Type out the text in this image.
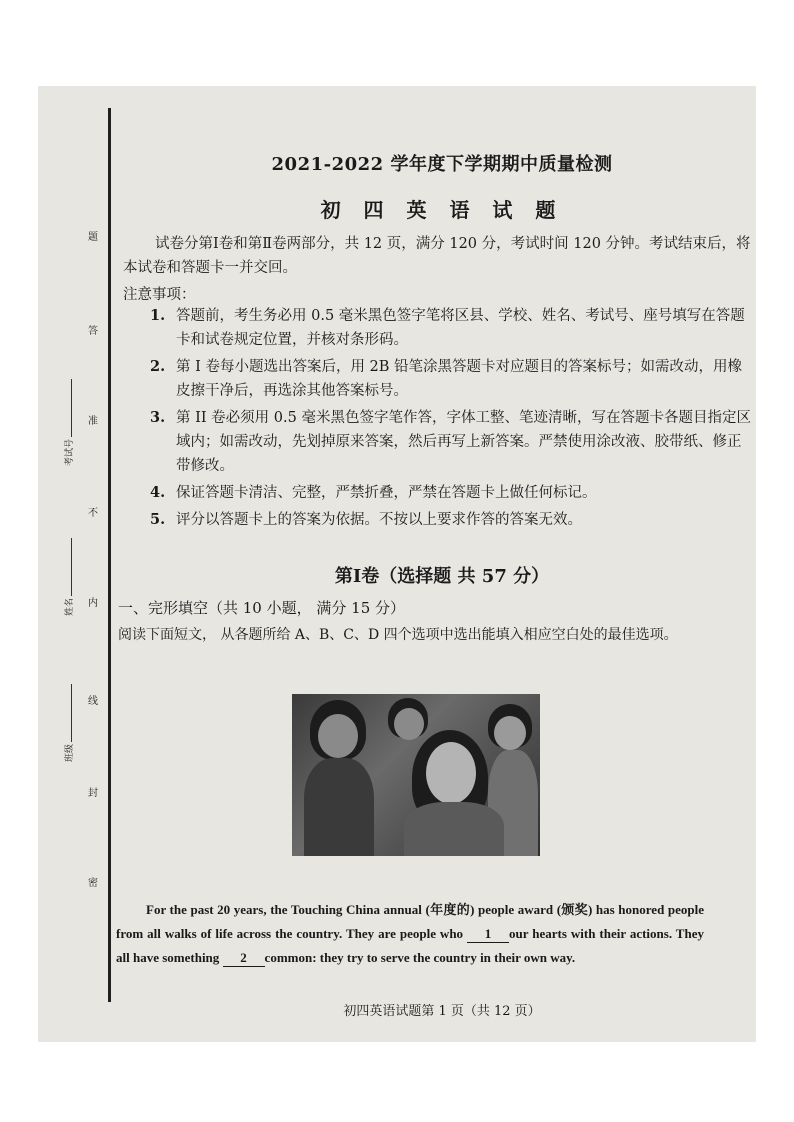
题
答
准
不
内
线
封
密
考试号
姓名
班级
2021-2022 学年度下学期期中质量检测
初 四 英 语 试 题
试卷分第Ⅰ卷和第Ⅱ卷两部分，共 12 页，满分 120 分，考试时间 120 分钟。考试结束后，将本试卷和答题卡一并交回。
注意事项：
1. 答题前，考生务必用 0.5 毫米黑色签字笔将区县、学校、姓名、考试号、座号填写在答题卡和试卷规定位置，并核对条形码。
2. 第 I 卷每小题选出答案后，用 2B 铅笔涂黑答题卡对应题目的答案标号；如需改动，用橡皮擦干净后，再选涂其他答案标号。
3. 第 II 卷必须用 0.5 毫米黑色签字笔作答，字体工整、笔迹清晰，写在答题卡各题目指定区域内；如需改动，先划掉原来答案，然后再写上新答案。严禁使用涂改液、胶带纸、修正带修改。
4. 保证答题卡清洁、完整，严禁折叠，严禁在答题卡上做任何标记。
5. 评分以答题卡上的答案为依据。不按以上要求作答的答案无效。
第Ⅰ卷（选择题 共 57 分）
一、完形填空（共 10 小题， 满分 15 分）
阅读下面短文， 从各题所给 A、B、C、D 四个选项中选出能填入相应空白处的最佳选项。
For the past 20 years, the Touching China annual (年度的) people award (颁奖) has honored people from all walks of life across the country. They are people who 1 our hearts with their actions. They all have something 2 common: they try to serve the country in their own way.
初四英语试题第 1 页（共 12 页）
